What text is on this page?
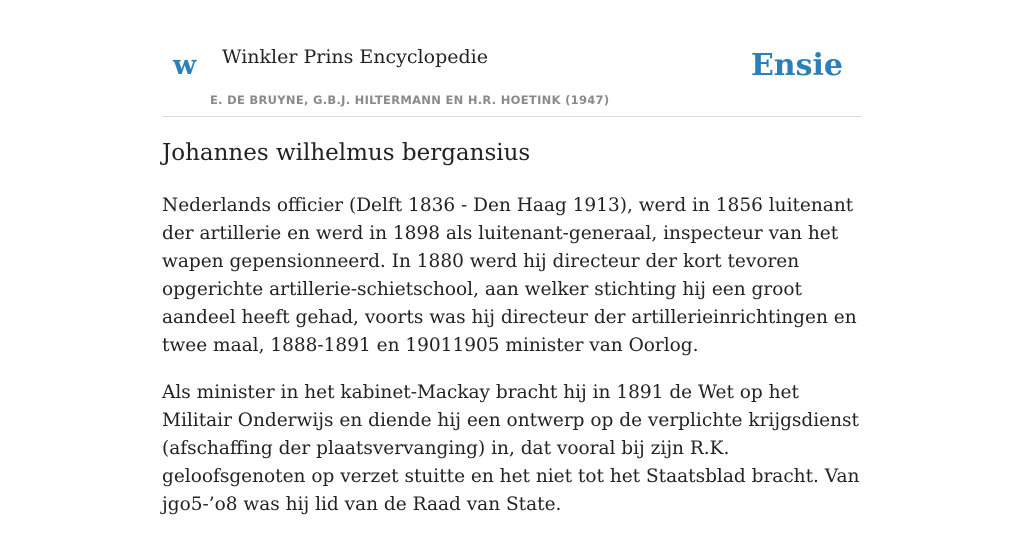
w Winkler Prins Encyclopedie
E. DE BRUYNE, G.B.J. HILTERMANN EN H.R. HOETINK (1947)
Ensie
Johannes wilhelmus bergansius

Nederlands officier (Delft 1836 - Den Haag 1913), werd in 1856 luitenant der artillerie en werd in 1898 als luitenant-generaal, inspecteur van het wapen gepensionneerd. In 1880 werd hij directeur der kort tevoren opgerichte artillerie-schietschool, aan welker stichting hij een groot aandeel heeft gehad, voorts was hij directeur der artillerieinrichtingen en twee maal, 1888-1891 en 19011905 minister van Oorlog.

Als minister in het kabinet-Mackay bracht hij in 1891 de Wet op het Militair Onderwijs en diende hij een ontwerp op de verplichte krijgsdienst (afschaffing der plaatsvervanging) in, dat vooral bij zijn R.K. geloofsgenoten op verzet stuitte en het niet tot het Staatsblad bracht. Van jgo5-’o8 was hij lid van de Raad van State.
